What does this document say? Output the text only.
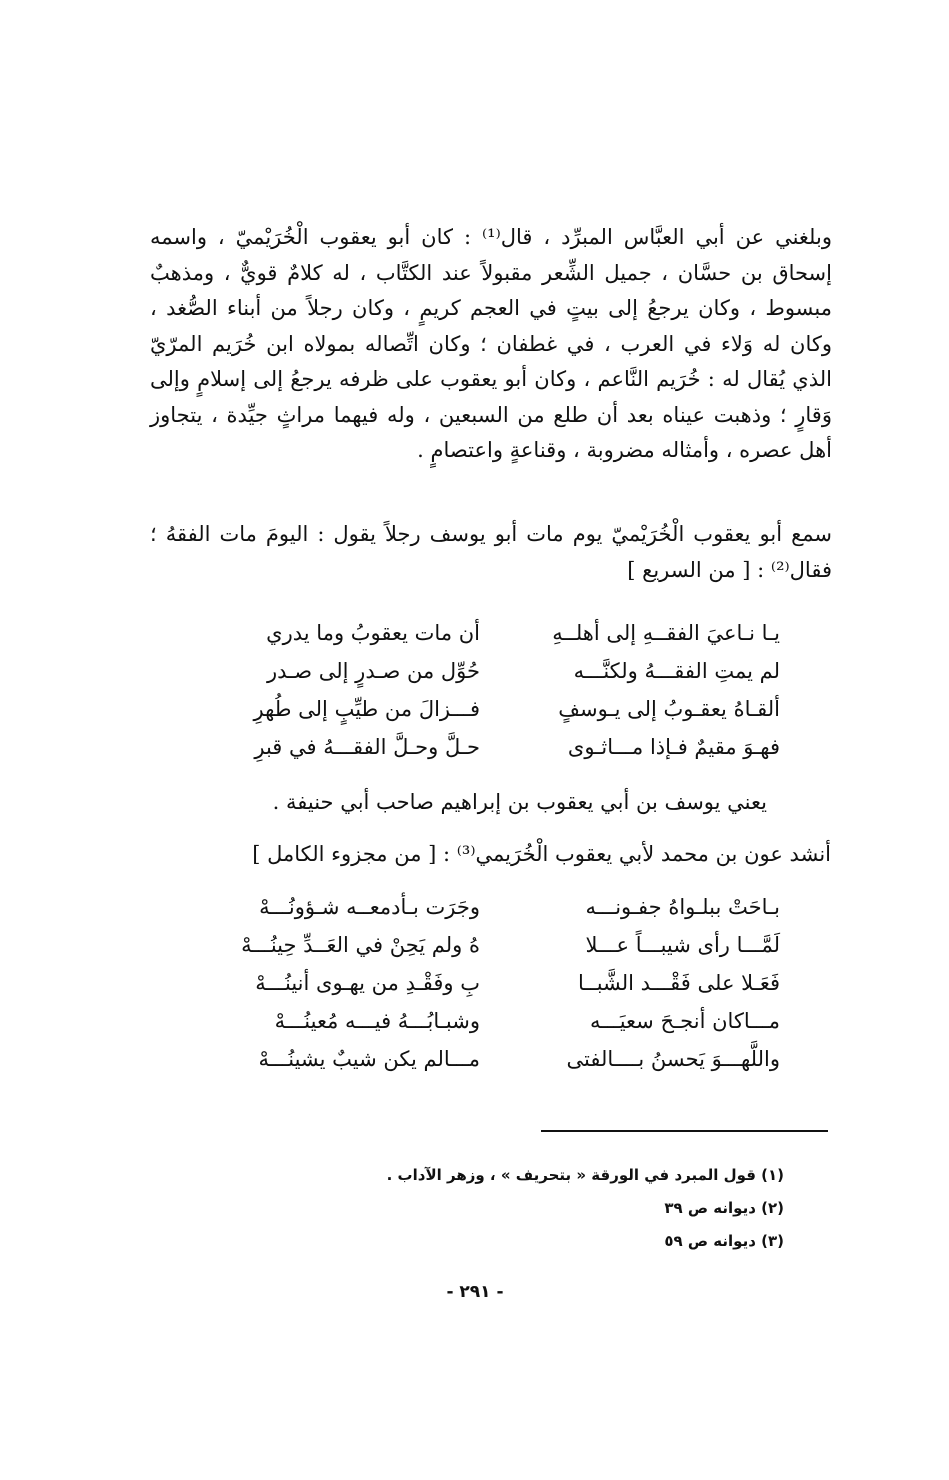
وبلغني عن أبي العبَّاس المبرِّد ، قال⁽¹⁾ : كان أبو يعقوب الْخُرَيْميّ ، واسمه إسحاق بن حسَّان ، جميل الشِّعر مقبولاً عند الكتَّاب ، له كلامٌ قويٌّ ، ومذهبٌ مبسوط ، وكان يرجعُ إلى بيتٍ في العجم كريمٍ ، وكان رجلاً من أبناء الصُّغد ، وكان له وَلاء في العرب ، في غطفان ؛ وكان اتِّصاله بمولاه ابن خُرَيم المرّيّ الذي يُقال له : خُرَيم النَّاعم ، وكان أبو يعقوب على ظرفه يرجعُ إلى إسلامٍ وإلى وَقارٍ ؛ وذهبت عيناه بعد أن طلع من السبعين ، وله فيهما مراثٍ جيِّدة ، يتجاوز أهل عصره ، وأمثاله مضروبة ، وقناعةٍ واعتصامٍ .

سمع أبو يعقوب الْخُرَيْميّ يوم مات أبو يوسف رجلاً يقول : اليومَ مات الفقهُ ؛ فقال⁽²⁾ : [ من السريع ]

يـا نـاعيَ الفقــهِ إلى أهلــهِ
أن مات يعقوبُ وما يدري
لم يمتِ الفقـــهُ ولكنَّـــه
حُوِّل من صـدرٍ إلى صـدر
ألقـاهُ يعقـوبُ إلى يـوسفٍ
فـــزالَ من طيِّبٍ إلى طُهرِ
فهـوَ مقيمٌ فـإذا مـــاثـوى
حـلَّ وحـلَّ الفقـــهُ في قبرِ
يعني يوسف بن أبي يعقوب بن إبراهيم صاحب أبي حنيفة .
أنشد عون بن محمد لأبي يعقوب الْخُرَيمي⁽³⁾ : [ من مجزوء الكامل ]
بـاحَتْ ببلـواهُ جفـونـــه
وجَرَت بـأدمعــه شـؤونُـــهْ
لَمَّـــا رأى شيبـــاً عـــلا
هُ ولم يَحِنْ في العَــدِّ حِينُـــهْ
فَعَـلا على فَقْـــد الشَّبــا
بِ وفَقْـدِ من يهـوى أنينُـــهْ
مـــاكان أنجـحَ سعيَـــه
وشبـابُـــهُ فيـــه مُعينُـــهْ
واللَّهـــوَ يَحسنُ بــــالفتى
مـــالم يكن شيبٌ يشينُـــهْ
(١) قول المبرد في الورقة « بتحريف » ، وزهر الآداب .
(٢) ديوانه ص ٣٩
(٣) ديوانه ص ٥٩
- ٢٩١ -
